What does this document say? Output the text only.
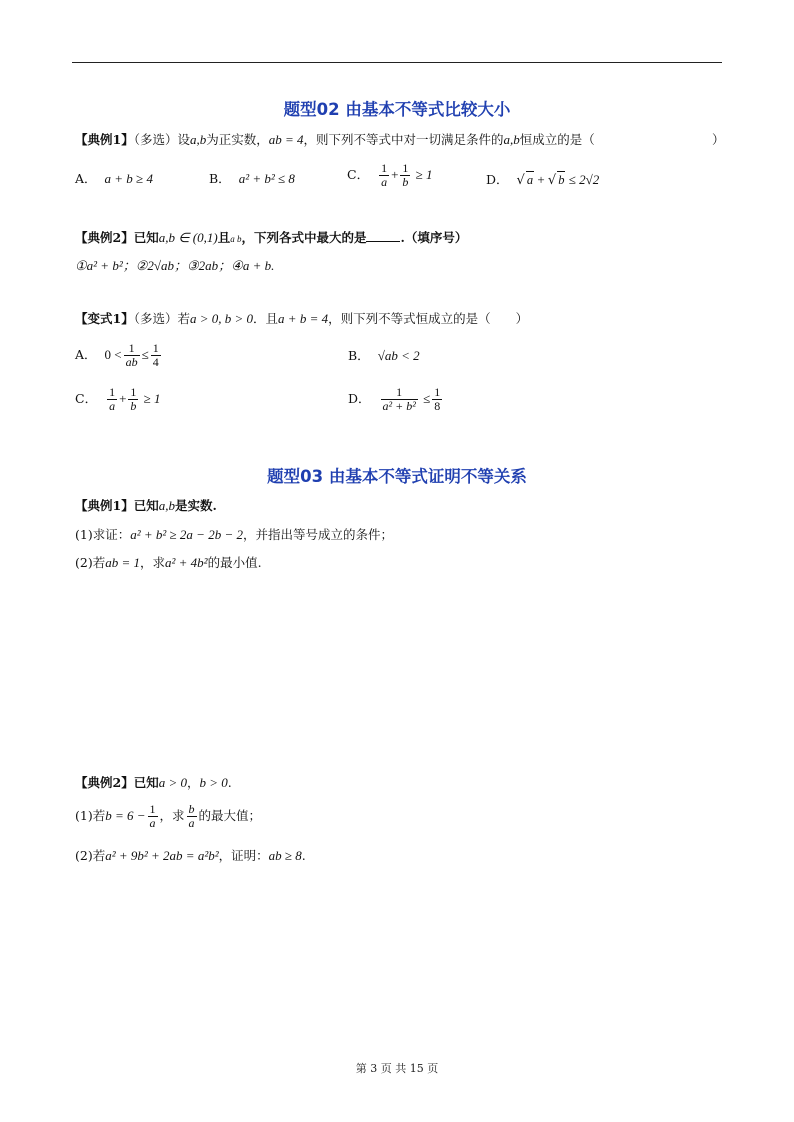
题型02 由基本不等式比较大小
【典例1】（多选）设a,b为正实数，ab = 4，则下列不等式中对一切满足条件的a,b恒成立的是（	）
A． a + b ≥ 4	B． a² + b² ≤ 8	C． $\frac{1}{a} + \frac{1}{b} \ge 1$	D． √ a + √ b ≤ 2√2
【典例2】已知a,b ∈ (0,1)且a b，下列各式中最大的是	.（填序号）
①a² + b²；②2√ab；③2ab；④a + b.
【变式1】（多选）若a > 0, b > 0．且a + b = 4，则下列不等式恒成立的是（　　）
A． $0 < \frac{1}{ab} \le \frac{1}{4}$	B． √ab < 2
C． $\frac{1}{a} + \frac{1}{b} \ge 1$	D． $\frac{1}{\text{a² + b²}} \le \frac{1}{8}$
题型03 由基本不等式证明不等关系
【典例1】已知a,b是实数.
(1)求证：a² + b² ≥ 2a − 2b − 2，并指出等号成立的条件；
(2)若ab = 1，求a² + 4b²的最小值.
【典例2】已知a > 0，b > 0.
(1)若$b = 6 - \frac{1}{a}$ ，求 $\frac{b}{a}$ 的最大值；
(2)若a² + 9b² + 2ab = a²b²，证明：ab ≥ 8.
第 3 页 共 15 页
